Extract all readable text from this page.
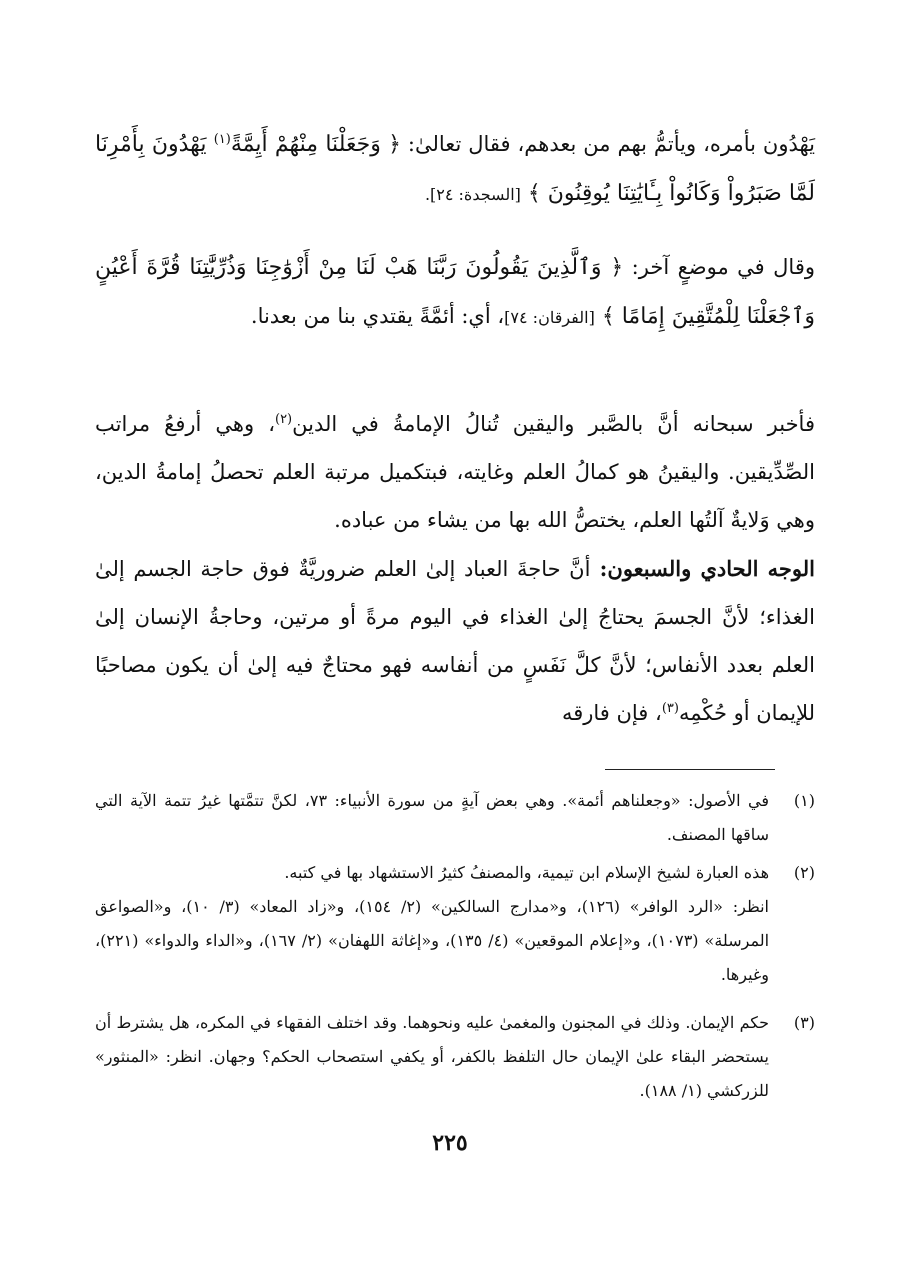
يَهْدُون بأمره، ويأتمُّ بهم من بعدهم، فقال تعالىٰ: ﴿ وَجَعَلْنَا مِنْهُمْ أَيِمَّةً$^{(١)}$ يَهْدُونَ بِأَمْرِنَا لَمَّا صَبَرُواْ وَكَانُواْ بِـَٔايَٰتِنَا يُوقِنُونَ ﴾ [السجدة: ٢٤].

وقال في موضعٍ آخر: ﴿ وَٱلَّذِينَ يَقُولُونَ رَبَّنَا هَبْ لَنَا مِنْ أَزْوَٰجِنَا وَذُرِّيَّٰتِنَا قُرَّةَ أَعْيُنٍ وَٱجْعَلْنَا لِلْمُتَّقِينَ إِمَامًا ﴾ [الفرقان: ٧٤]، أي: أئمَّةً يقتدي بنا من بعدنا.

فأخبر سبحانه أنَّ بالصَّبر واليقين تُنالُ الإمامةُ في الدين$^{(٢)}$، وهي أرفعُ مراتب الصِّدِّيقين. واليقينُ هو كمالُ العلم وغايته، فبتكميل مرتبة العلم تحصلُ إمامةُ الدين، وهي وَلايةٌ آلتُها العلم، يختصُّ الله بها من يشاء من عباده.

الوجه الحادي والسبعون: أنَّ حاجةَ العباد إلىٰ العلم ضروريَّةٌ فوق حاجة الجسم إلىٰ الغذاء؛ لأنَّ الجسمَ يحتاجُ إلىٰ الغذاء في اليوم مرةً أو مرتين، وحاجةُ الإنسان إلىٰ العلم بعدد الأنفاس؛ لأنَّ كلَّ نَفَسٍ من أنفاسه فهو محتاجٌ فيه إلىٰ أن يكون مصاحبًا للإيمان أو حُكْمِه$^{(٣)}$، فإن فارقه

(١)
في الأصول: «وجعلناهم أئمة». وهي بعض آيةٍ من سورة الأنبياء: ٧٣، لكنَّ تتمَّتها غيرُ تتمة الآية التي ساقها المصنف.
(٢)
هذه العبارة لشيخ الإسلام ابن تيمية، والمصنفُ كثيرُ الاستشهاد بها في كتبه.
انظر: «الرد الوافر» (١٢٦)، و«مدارج السالكين» (٢/ ١٥٤)، و«زاد المعاد» (٣/ ١٠)، و«الصواعق المرسلة» (١٠٧٣)، و«إعلام الموقعين» (٤/ ١٣٥)، و«إغاثة اللهفان» (٢/ ١٦٧)، و«الداء والدواء» (٢٢١)، وغيرها.
(٣)
حكم الإيمان. وذلك في المجنون والمغمىٰ عليه ونحوهما. وقد اختلف الفقهاء في المكره، هل يشترط أن يستحضر البقاء علىٰ الإيمان حال التلفظ بالكفر، أو يكفي استصحاب الحكم؟ وجهان. انظر: «المنثور» للزركشي (١/ ١٨٨).
٢٢٥
